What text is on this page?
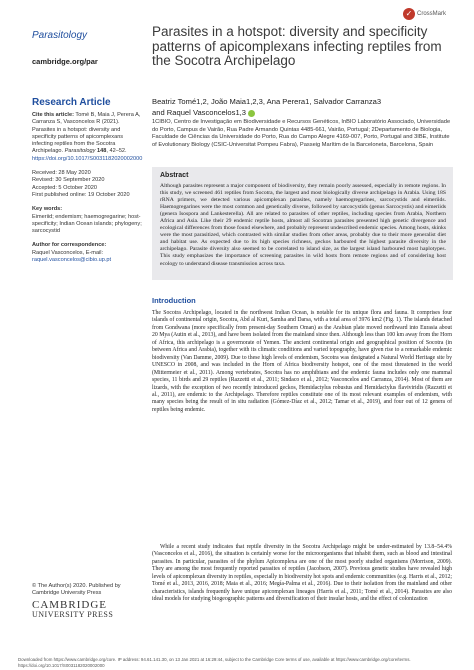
Parasitology
cambridge.org/par
✓ CrossMark
Parasites in a hotspot: diversity and specificity patterns of apicomplexans infecting reptiles from the Socotra Archipelago
Research Article	Beatriz Tomé1,2, João Maia1,2,3, Ana Perera1, Salvador Carranza3
and Raquel Vasconcelos1,3
1CIBIO, Centro de Investigação em Biodiversidade e Recursos Genéticos, InBIO Laboratório Associado, Universidade do Porto, Campus de Vairão, Rua Padre Armando Quintas 4485-661, Vairão, Portugal; 2Departamento de Biologia, Faculdade de Ciências da Universidade do Porto, Rua do Campo Alegre 4169-007, Porto, Portugal and 3IBE, Institute of Evolutionary Biology (CSIC-Universitat Pompeu Fabra), Passeig Marítim de la Barceloneta, Barcelona, Spain

Cite this article: Tomé B, Maia J, Perera A, Carranza S, Vasconcelos R (2021). Parasites in a hotspot: diversity and specificity patterns of apicomplexans infecting reptiles from the Socotra Archipelago. Parasitology 148, 42–52. https://doi.org/10.1017/S0031182020002000

Received: 28 May 2020
Revised: 30 September 2020
Accepted: 5 October 2020
First published online: 19 October 2020

Key words:
Eimeriid; endemism; haemogregarine; host-specificity; Indian Ocean islands; phylogeny; sarcocystid

Author for correspondence:
Raquel Vasconcelos, E-mail:
raquel.vasconcelos@cibio.up.pt

Abstract
Although parasites represent a major component of biodiversity, they remain poorly assessed, especially in remote regions. In this study, we screened 461 reptiles from Socotra, the largest and most biologically diverse archipelago in Arabia. Using 18S rRNA primers, we detected various apicomplexan parasites, namely haemogregarines, sarcocystids and eimeriids. Haemogregarines were the most common and genetically diverse, followed by sarcocystids (genus Sarcocystis) and eimeriids (genera Isospora and Lankesterella). All are related to parasites of other reptiles, including species from Arabia, Northern Africa and Asia. Like their 29 endemic reptile hosts, almost all Socotran parasites presented high genetic divergence and ecological differences from those found elsewhere, and probably represent undescribed endemic species. Among hosts, skinks were the most parasitized, which contrasted with similar studies from other areas, probably due to their more generalist diet and habitat use. As expected due to its high species richness, geckos harboured the highest parasite diversity in the archipelago. Parasite diversity also seemed to be correlated to island size, as the largest island harboured most haplotypes. This study emphasizes the importance of screening parasites in wild hosts from remote regions and of considering host ecology to understand disease transmission across taxa.
Introduction

The Socotra Archipelago, located in the northwest Indian Ocean, is notable for its unique flora and fauna. It comprises four islands of continental origin, Socotra, Abd al Kuri, Samha and Darsa, with a total area of 3976 km2 (Fig. 1). The islands detached from Gondwana (more specifically from present-day Southern Oman) as the Arabian plate moved northward into Eurasia about 20 Mya (Autin et al., 2013), and have been isolated from the mainland since then. Although less than 100 km away from the Horn of Africa, this archipelago is a governorate of Yemen. The ancient continental origin and geographical position of Socotra (in between Africa and Arabia), together with its climatic conditions and varied topography, have given rise to a remarkable endemic biodiversity (Van Damme, 2009). Due to these high levels of endemism, Socotra was designated a Natural World Heritage site by UNESCO in 2008, and was included in the Horn of Africa biodiversity hotspot, one of the most threatened in the world (Mittermeier et al., 2011). Among vertebrates, Socotra has no amphibians and the endemic fauna includes only one mammal species, 11 birds and 29 reptiles (Razzetti et al., 2011; Sindaco et al., 2012; Vasconcelos and Carranza, 2014). Most of them are lizards, with the exception of two recently introduced geckos, Hemidactylus robustus and Hemidactylus flaviviridis (Razzetti et al., 2011), are endemic to the Archipelago. Therefore reptiles constitute one of its most relevant examples of endemism, with many species being the result of in situ radiation (Gómez-Díaz et al., 2012; Tamar et al., 2019), and four out of 12 genera of reptiles being endemic.

While a recent study indicates that reptile diversity in the Socotra Archipelago might be under-estimated by 13.8–54.4% (Vasconcelos et al., 2016), the situation is certainly worse for the microorganisms that inhabit them, such as blood and intestinal parasites. In particular, parasites of the phylum Apicomplexa are one of the most poorly studied organisms (Morrison, 2009). They are among the most frequently reported parasites of reptiles (Jacobson, 2007). Previous genetic studies have revealed high levels of apicomplexan diversity in reptiles, especially in biodiversity hot spots and endemic communities (e.g. Harris et al., 2012; Tomé et al., 2013, 2016, 2018; Maia et al., 2016; Megía-Palma et al., 2016). Due to their isolation from the mainland and other characteristics, islands frequently have unique apicomplexan lineages (Harris et al., 2011; Tomé et al., 2014). Parasites are also ideal models for studying biogeographic patterns and diversification of their insular hosts, and the effect of colonization

© The Author(s) 2020. Published by Cambridge University Press
CAMBRIDGE
UNIVERSITY PRESS
Downloaded from https://www.cambridge.org/core. IP address: 94.61.141.30, on 13 Jan 2021 at 16:29:44, subject to the Cambridge Core terms of use, available at https://www.cambridge.org/core/terms. https://doi.org/10.1017/S0031182020002000
